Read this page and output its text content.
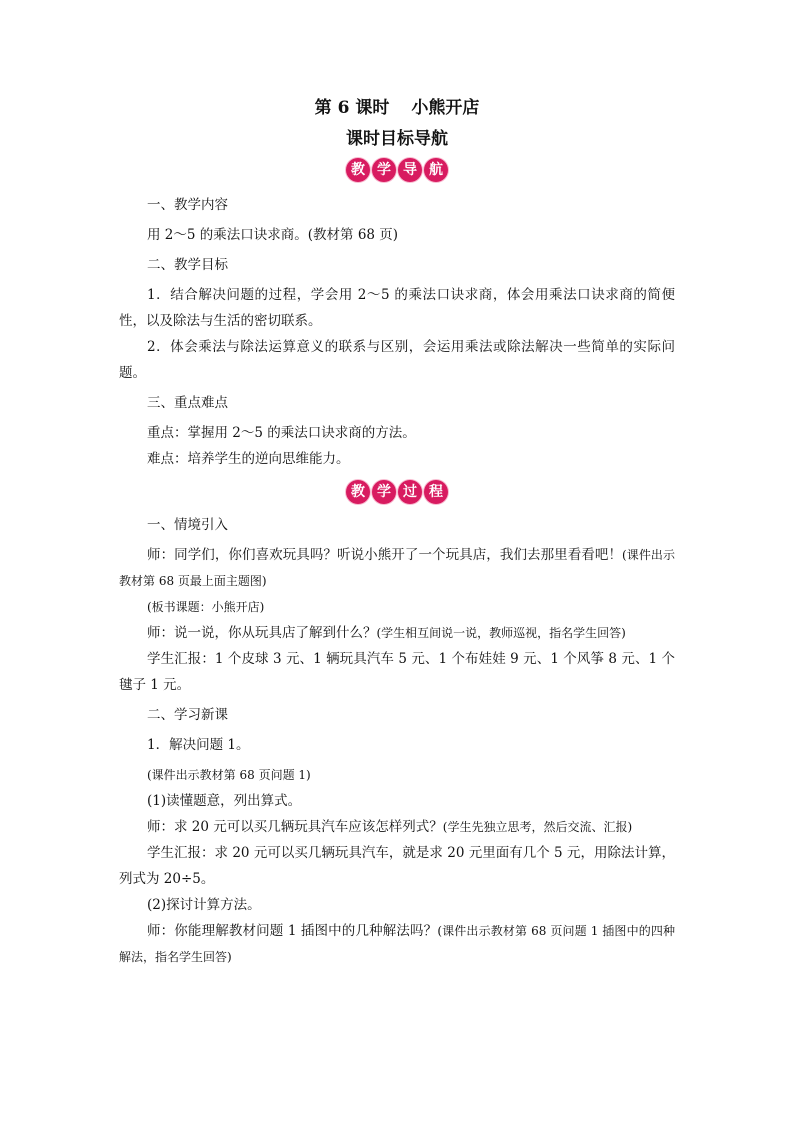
第 6 课时 小熊开店
课时目标导航
教 学 导 航

一、教学内容

用 2～5 的乘法口诀求商。(教材第 68 页)

二、教学目标

1．结合解决问题的过程，学会用 2～5 的乘法口诀求商，体会用乘法口诀求商的简便性，以及除法与生活的密切联系。

2．体会乘法与除法运算意义的联系与区别，会运用乘法或除法解决一些简单的实际问题。

三、重点难点

重点：掌握用 2～5 的乘法口诀求商的方法。

难点：培养学生的逆向思维能力。

教 学 过 程

一、情境引入

师：同学们，你们喜欢玩具吗？听说小熊开了一个玩具店，我们去那里看看吧！(课件出示教材第 68 页最上面主题图)

(板书课题：小熊开店)

师：说一说，你从玩具店了解到什么？(学生相互间说一说，教师巡视，指名学生回答)

学生汇报：1 个皮球 3 元、1 辆玩具汽车 5 元、1 个布娃娃 9 元、1 个风筝 8 元、1 个毽子 1 元。

二、学习新课

1．解决问题 1。

(课件出示教材第 68 页问题 1)

(1)读懂题意，列出算式。

师：求 20 元可以买几辆玩具汽车应该怎样列式？(学生先独立思考，然后交流、汇报)

学生汇报：求 20 元可以买几辆玩具汽车，就是求 20 元里面有几个 5 元，用除法计算，列式为 20÷5。

(2)探讨计算方法。

师：你能理解教材问题 1 插图中的几种解法吗？(课件出示教材第 68 页问题 1 插图中的四种解法，指名学生回答)
